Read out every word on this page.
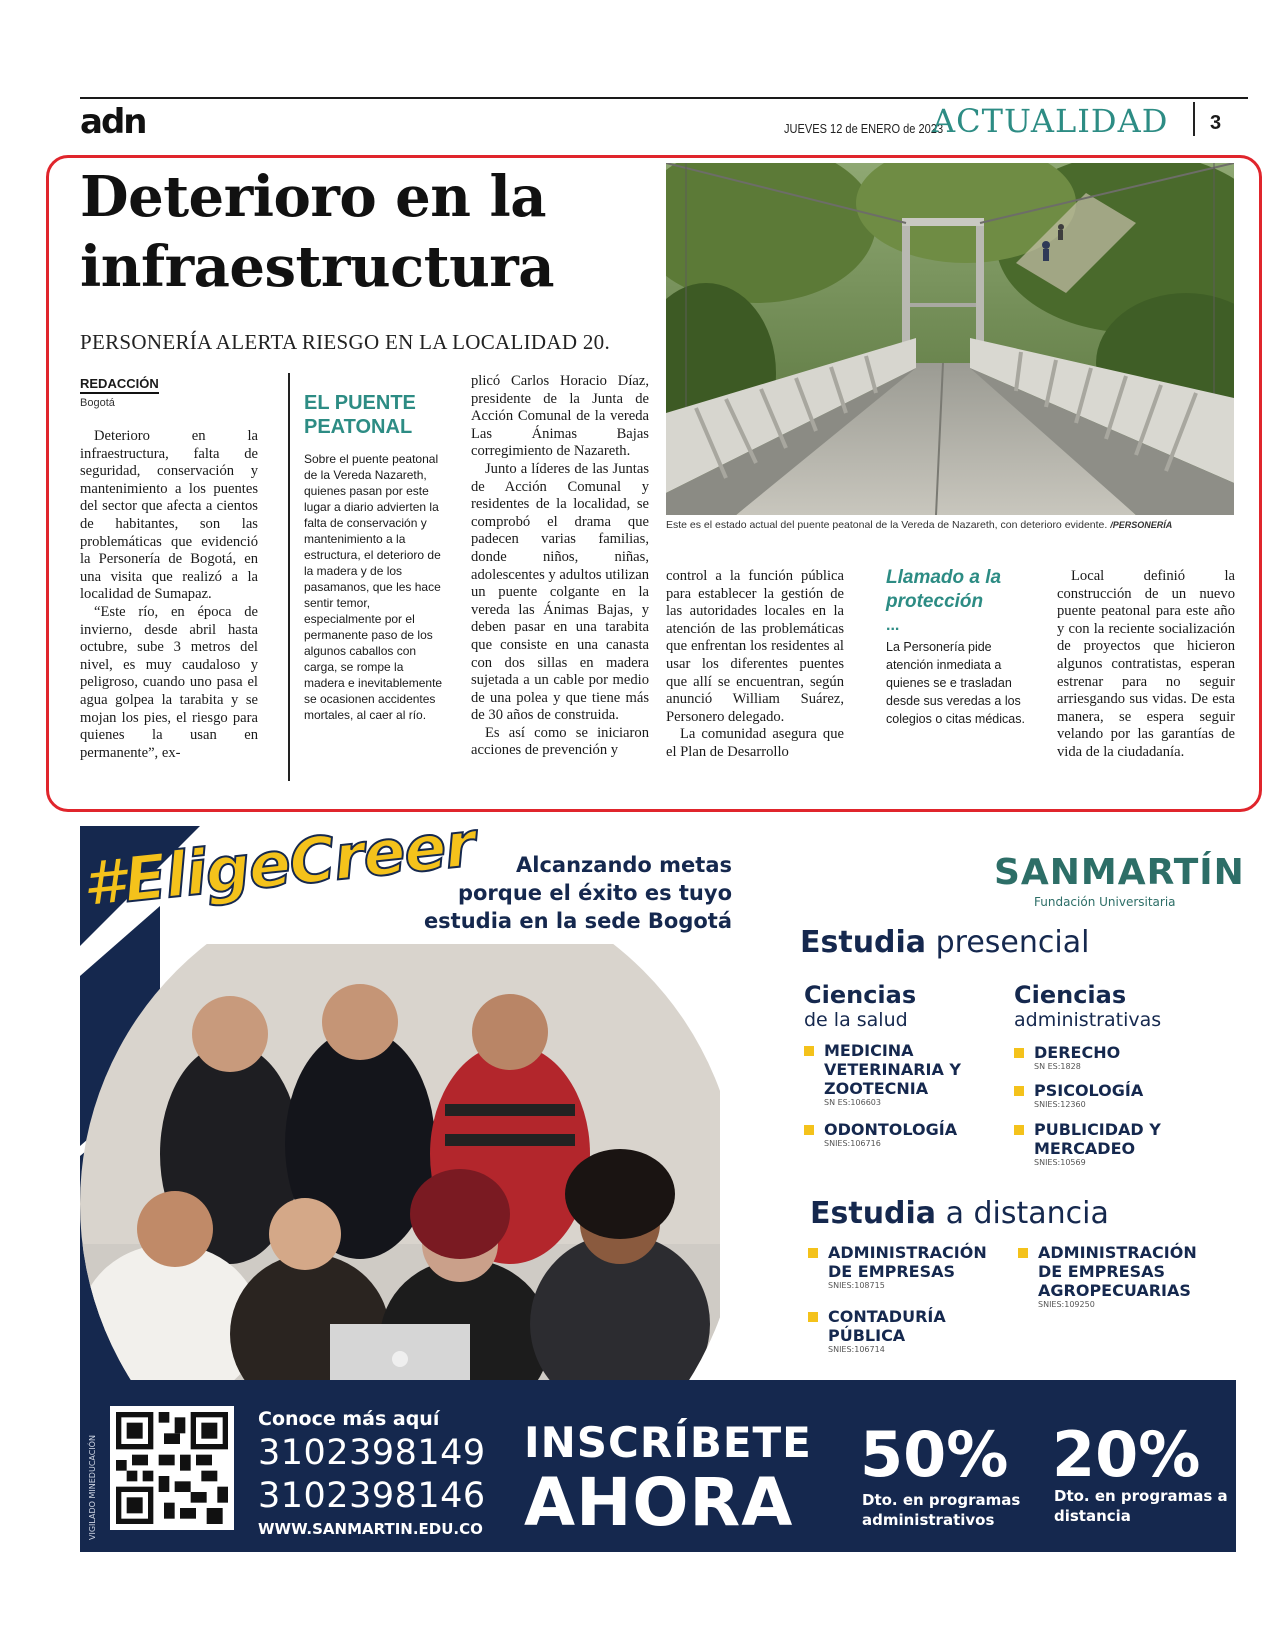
adn	JUEVES 12 de ENERO de 2023
ACTUALIDAD 3
Deterioro en la infraestructura
PERSONERÍA ALERTA RIESGO EN LA LOCALIDAD 20.
REDACCIÓN
Bogotá

Deterioro en la infraestructura, falta de seguridad, conservación y mantenimiento a los puentes del sector que afecta a cientos de habitantes, son las problemáticas que evidenció la Personería de Bogotá, en una visita que realizó a la localidad de Sumapaz.

“Este río, en época de invierno, desde abril hasta octubre, sube 3 metros del nivel, es muy caudaloso y peligroso, cuando uno pasa el agua golpea la tarabita y se mojan los pies, el riesgo para quienes la usan en permanente”, ex-

EL PUENTE PEATONAL
Sobre el puente peatonal de la Vereda Nazareth, quienes pasan por este lugar a diario advierten la falta de conservación y mantenimiento a la estructura, el deterioro de la madera y de los pasamanos, que les hace sentir temor, especialmente por el permanente paso de los algunos caballos con carga, se rompe la madera e inevitablemente se ocasionen accidentes mortales, al caer al río.

plicó Carlos Horacio Díaz, presidente de la Junta de Acción Comunal de la vereda Las Ánimas Bajas corregimiento de Nazareth.

Junto a líderes de las Juntas de Acción Comunal y residentes de la localidad, se comprobó el drama que padecen varias familias, donde niños, niñas, adolescentes y adultos utilizan un puente colgante en la vereda las Ánimas Bajas, y deben pasar en una tarabita que consiste en una canasta con dos sillas en madera sujetada a un cable por medio de una polea y que tiene más de 30 años de construida.

Es así como se iniciaron acciones de prevención y

Este es el estado actual del puente peatonal de la Vereda de Nazareth, con deterioro evidente. /PERSONERÍA

control a la función pública para establecer la gestión de las autoridades locales en la atención de las problemáticas que enfrentan los residentes al usar los diferentes puentes que allí se encuentran, según anunció William Suárez, Personero delegado.

La comunidad asegura que el Plan de Desarrollo

Llamado a la protección
...
La Personería pide atención inmediata a quienes se e trasladan desde sus veredas a los colegios o citas médicas.
Local definió la construcción de un nuevo puente peatonal para este año y con la reciente socialización de proyectos que hicieron algunos contratistas, esperan estrenar para no seguir arriesgando sus vidas. De esta manera, se espera seguir velando por las garantías de vida de la ciudadanía.
#EligeCreer	Alcanzando metas
porque el éxito es tuyo
estudia en la sede Bogotá
SANMARTÍN
Fundación Universitaria
Estudia presencial
Ciencias
de la salud
Ciencias
administrativas
MEDICINA VETERINARIA Y ZOOTECNIA
SN ES:106603
ODONTOLOGÍA
SNIES:106716
DERECHO
SN ES:1828
PSICOLOGÍA
SNIES:12360
PUBLICIDAD Y MERCADEO
SNIES:10569
Estudia a distancia
ADMINISTRACIÓN DE EMPRESAS
SNIES:108715
CONTADURÍA PÚBLICA
SNIES:106714
ADMINISTRACIÓN DE EMPRESAS AGROPECUARIAS
SNIES:109250
VIGILADO MINEDUCACIÓN
Conoce más aquí
3102398149
3102398146
WWW.SANMARTIN.EDU.CO
INSCRÍBETE
AHORA
50%
Dto. en programas administrativos
20%
Dto. en programas a distancia
